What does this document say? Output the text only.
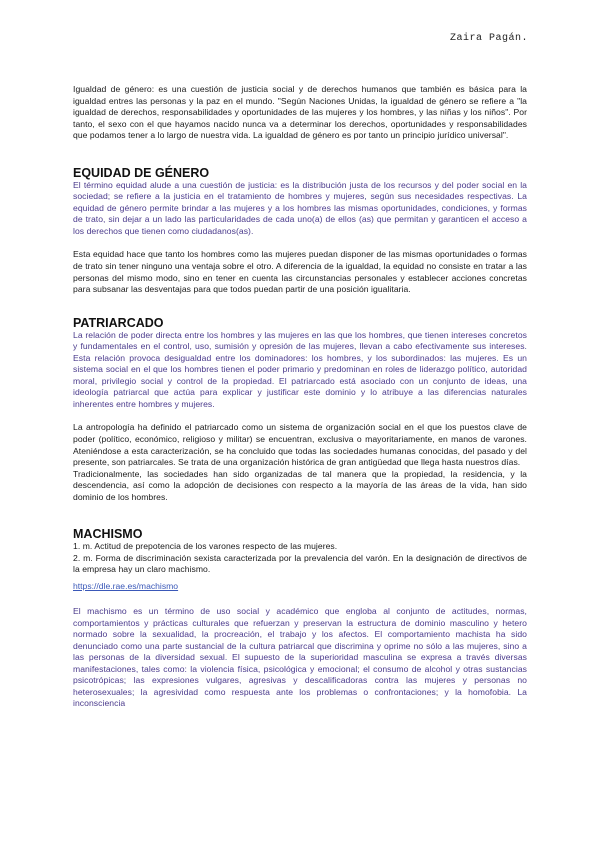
Zaira Pagán.

Igualdad de género: es una cuestión de justicia social y de derechos humanos que también es básica para la igualdad entres las personas y la paz en el mundo. "Según Naciones Unidas, la igualdad de género se refiere a "la igualdad de derechos, responsabilidades y oportunidades de las mujeres y los hombres, y las niñas y los niños". Por tanto, el sexo con el que hayamos nacido nunca va a determinar los derechos, oportunidades y responsabilidades que podamos tener a lo largo de nuestra vida. La igualdad de género es por tanto un principio jurídico universal".

EQUIDAD DE GÉNERO

El término equidad alude a una cuestión de justicia: es la distribución justa de los recursos y del poder social en la sociedad; se refiere a la justicia en el tratamiento de hombres y mujeres, según sus necesidades respectivas. La equidad de género permite brindar a las mujeres y a los hombres las mismas oportunidades, condiciones, y formas de trato, sin dejar a un lado las particularidades de cada uno(a) de ellos (as) que permitan y garanticen el acceso a los derechos que tienen como ciudadanos(as).

Esta equidad hace que tanto los hombres como las mujeres puedan disponer de las mismas oportunidades o formas de trato sin tener ninguno una ventaja sobre el otro. A diferencia de la igualdad, la equidad no consiste en tratar a las personas del mismo modo, sino en tener en cuenta las circunstancias personales y establecer acciones concretas para subsanar las desventajas para que todos puedan partir de una posición igualitaria.

PATRIARCADO

La relación de poder directa entre los hombres y las mujeres en las que los hombres, que tienen intereses concretos y fundamentales en el control, uso, sumisión y opresión de las mujeres, llevan a cabo efectivamente sus intereses. Esta relación provoca desigualdad entre los dominadores: los hombres, y los subordinados: las mujeres. Es un sistema social en el que los hombres tienen el poder primario y predominan en roles de liderazgo político, autoridad moral, privilegio social y control de la propiedad. El patriarcado está asociado con un conjunto de ideas, una ideología patriarcal que actúa para explicar y justificar este dominio y lo atribuye a las diferencias naturales inherentes entre hombres y mujeres.

La antropología ha definido el patriarcado como un sistema de organización social en el que los puestos clave de poder (político, económico, religioso y militar) se encuentran, exclusiva o mayoritariamente, en manos de varones. Ateniéndose a esta caracterización, se ha concluido que todas las sociedades humanas conocidas, del pasado y del presente, son patriarcales. Se trata de una organización histórica de gran antigüedad que llega hasta nuestros días.

Tradicionalmente, las sociedades han sido organizadas de tal manera que la propiedad, la residencia, y la descendencia, así como la adopción de decisiones con respecto a la mayoría de las áreas de la vida, han sido dominio de los hombres.

MACHISMO

1. m. Actitud de prepotencia de los varones respecto de las mujeres.

2. m. Forma de discriminación sexista caracterizada por la prevalencia del varón. En la designación de directivos de la empresa hay un claro machismo.

https://dle.rae.es/machismo

El machismo es un término de uso social y académico que engloba al conjunto de actitudes, normas, comportamientos y prácticas culturales que refuerzan y preservan la estructura de dominio masculino y hetero normado sobre la sexualidad, la procreación, el trabajo y los afectos. El comportamiento machista ha sido denunciado como una parte sustancial de la cultura patriarcal que discrimina y oprime no sólo a las mujeres, sino a las personas de la diversidad sexual. El supuesto de la superioridad masculina se expresa a través diversas manifestaciones, tales como: la violencia física, psicológica y emocional; el consumo de alcohol y otras sustancias psicotrópicas; las expresiones vulgares, agresivas y descalificadoras contra las mujeres y personas no heterosexuales; la agresividad como respuesta ante los problemas o confrontaciones; y la homofobia. La inconsciencia
